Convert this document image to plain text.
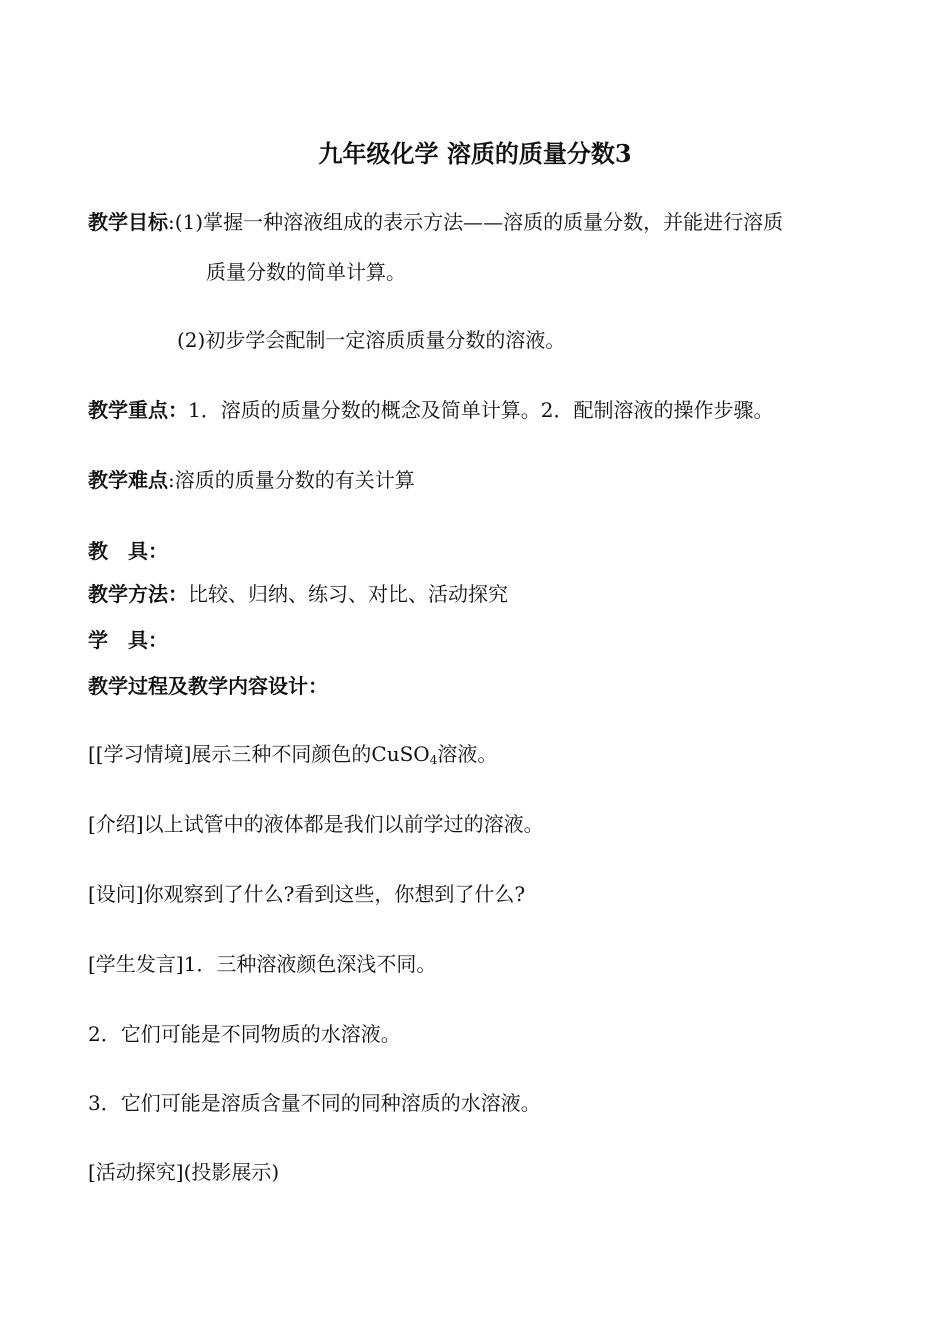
九年级化学 溶质的质量分数3
教学目标:(1)掌握一种溶液组成的表示方法——溶质的质量分数，并能进行溶质
质量分数的简单计算。
(2)初步学会配制一定溶质质量分数的溶液。
教学重点：1．溶质的质量分数的概念及简单计算。2．配制溶液的操作步骤。
教学难点:溶质的质量分数的有关计算
教　具：
教学方法：比较、归纳、练习、对比、活动探究
学　具：
教学过程及教学内容设计：
[[学习情境]展示三种不同颜色的CuSO$_4$溶液。
[介绍]以上试管中的液体都是我们以前学过的溶液。
[设问]你观察到了什么?看到这些，你想到了什么?
[学生发言]1．三种溶液颜色深浅不同。
2．它们可能是不同物质的水溶液。
3．它们可能是溶质含量不同的同种溶质的水溶液。
[活动探究](投影展示)
